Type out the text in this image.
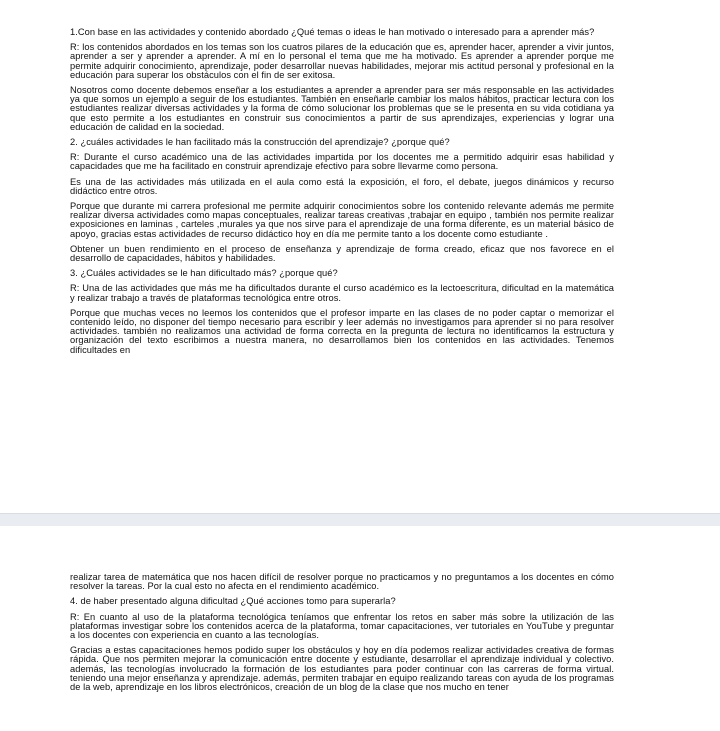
1.Con base en las actividades y contenido abordado ¿Qué temas o ideas le han motivado o interesado para a aprender más?

R: los contenidos abordados en los temas son los cuatros pilares de la educación que es, aprender hacer, aprender a vivir juntos, aprender a ser y aprender a aprender. A mí en lo personal el tema que me ha motivado. Es aprender a aprender porque me permite adquirir conocimiento, aprendizaje, poder desarrollar nuevas habilidades, mejorar mis actitud personal y profesional en la educación para superar los obstáculos con el fin de ser exitosa.

Nosotros como docente debemos enseñar a los estudiantes a aprender a aprender para ser más responsable en las actividades ya que somos un ejemplo a seguir de los estudiantes. También en enseñarle cambiar los malos hábitos, practicar lectura con los estudiantes realizar diversas actividades y la forma de cómo solucionar los problemas que se le presenta en su vida cotidiana ya que esto permite a los estudiantes en construir sus conocimientos a partir de sus aprendizajes, experiencias y lograr una educación de calidad en la sociedad.

2. ¿cuáles actividades le han facilitado más la construcción del aprendizaje? ¿porque qué?

R: Durante el curso académico una de las actividades impartida por los docentes me a permitido adquirir esas habilidad y capacidades que me ha facilitado en construir aprendizaje efectivo para sobre llevarme como persona.

Es una de las actividades más utilizada en el aula como está la exposición, el foro, el debate, juegos dinámicos y recurso didáctico entre otros.

Porque que durante mi carrera profesional me permite adquirir conocimientos sobre los contenido relevante además me permite realizar diversa actividades como mapas conceptuales, realizar tareas creativas ,trabajar en equipo , también nos permite realizar exposiciones en laminas , carteles ,murales ya que nos sirve para el aprendizaje de una forma diferente, es un material básico de apoyo, gracias estas actividades de recurso didáctico hoy en día me permite tanto a los docente como estudiante .

Obtener un buen rendimiento en el proceso de enseñanza y aprendizaje de forma creado, eficaz que nos favorece en el desarrollo de capacidades, hábitos y habilidades.

3. ¿Cuáles actividades se le han dificultado más? ¿porque qué?

R: Una de las actividades que más me ha dificultados durante el curso académico es la lectoescritura, dificultad en la matemática y realizar trabajo a través de plataformas tecnológica entre otros.

Porque que muchas veces no leemos los contenidos que el profesor imparte en las clases de no poder captar o memorizar el contenido leído, no disponer del tiempo necesario para escribir y leer además no investigamos para aprender si no para resolver actividades. también no realizamos una actividad de forma correcta en la pregunta de lectura no identificamos la estructura y organización del texto escribimos a nuestra manera, no desarrollamos bien los contenidos en las actividades. Tenemos dificultades en

realizar tarea de matemática que nos hacen difícil de resolver porque no practicamos y no preguntamos a los docentes en cómo resolver la tareas. Por la cual esto no afecta en el rendimiento académico.

4. de haber presentado alguna dificultad ¿Qué acciones tomo para superarla?

R: En cuanto al uso de la plataforma tecnológica teníamos que enfrentar los retos en saber más sobre la utilización de las plataformas investigar sobre los contenidos acerca de la plataforma, tomar capacitaciones, ver tutoriales en YouTube y preguntar a los docentes con experiencia en cuanto a las tecnologías.

Gracias a estas capacitaciones hemos podido super los obstáculos y hoy en día podemos realizar actividades creativa de formas rápida. Que nos permiten mejorar la comunicación entre docente y estudiante, desarrollar el aprendizaje individual y colectivo. además, las tecnologías involucrado la formación de los estudiantes para poder continuar con las carreras de forma virtual. teniendo una mejor enseñanza y aprendizaje. además, permiten trabajar en equipo realizando tareas con ayuda de los programas de la web, aprendizaje en los libros electrónicos, creación de un blog de la clase que nos mucho en tener
